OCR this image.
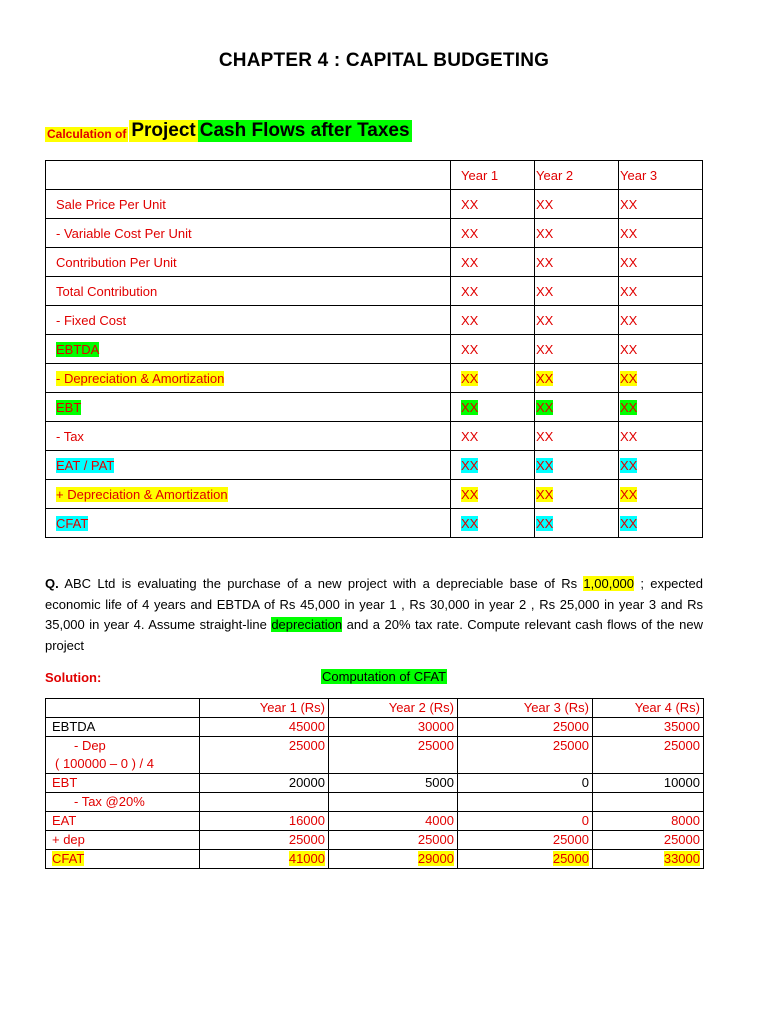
CHAPTER 4 : CAPITAL BUDGETING
Calculation of Project Cash Flows after Taxes
	Year 1	Year 2	Year 3
Sale Price Per Unit	XX	XX	XX
- Variable Cost Per Unit	XX	XX	XX
Contribution Per Unit	XX	XX	XX
Total Contribution	XX	XX	XX
- Fixed Cost	XX	XX	XX
EBTDA	XX	XX	XX
- Depreciation & Amortization	XX	XX	XX
EBT	XX	XX	XX
- Tax	XX	XX	XX
EAT / PAT	XX	XX	XX
+ Depreciation & Amortization	XX	XX	XX
CFAT	XX	XX	XX
Q. ABC Ltd is evaluating the purchase of a new project with a depreciable base of Rs 1,00,000 ; expected economic life of 4 years and EBTDA of Rs 45,000 in year 1 , Rs 30,000 in year 2 , Rs 25,000 in year 3 and Rs 35,000 in year 4. Assume straight-line depreciation and a 20% tax rate. Compute relevant cash flows of the new project
Solution:	Computation of CFAT
	Year 1 (Rs)	Year 2 (Rs)	Year 3 (Rs)	Year 4 (Rs)
EBTDA	45000	30000	25000	35000

- Dep
( 100000 – 0 ) / 4	25000	25000	25000	25000
EBT	20000	5000	0	10000
- Tax @20%				
EAT	16000	4000	0	8000
+ dep	25000	25000	25000	25000
CFAT	41000	29000	25000	33000
